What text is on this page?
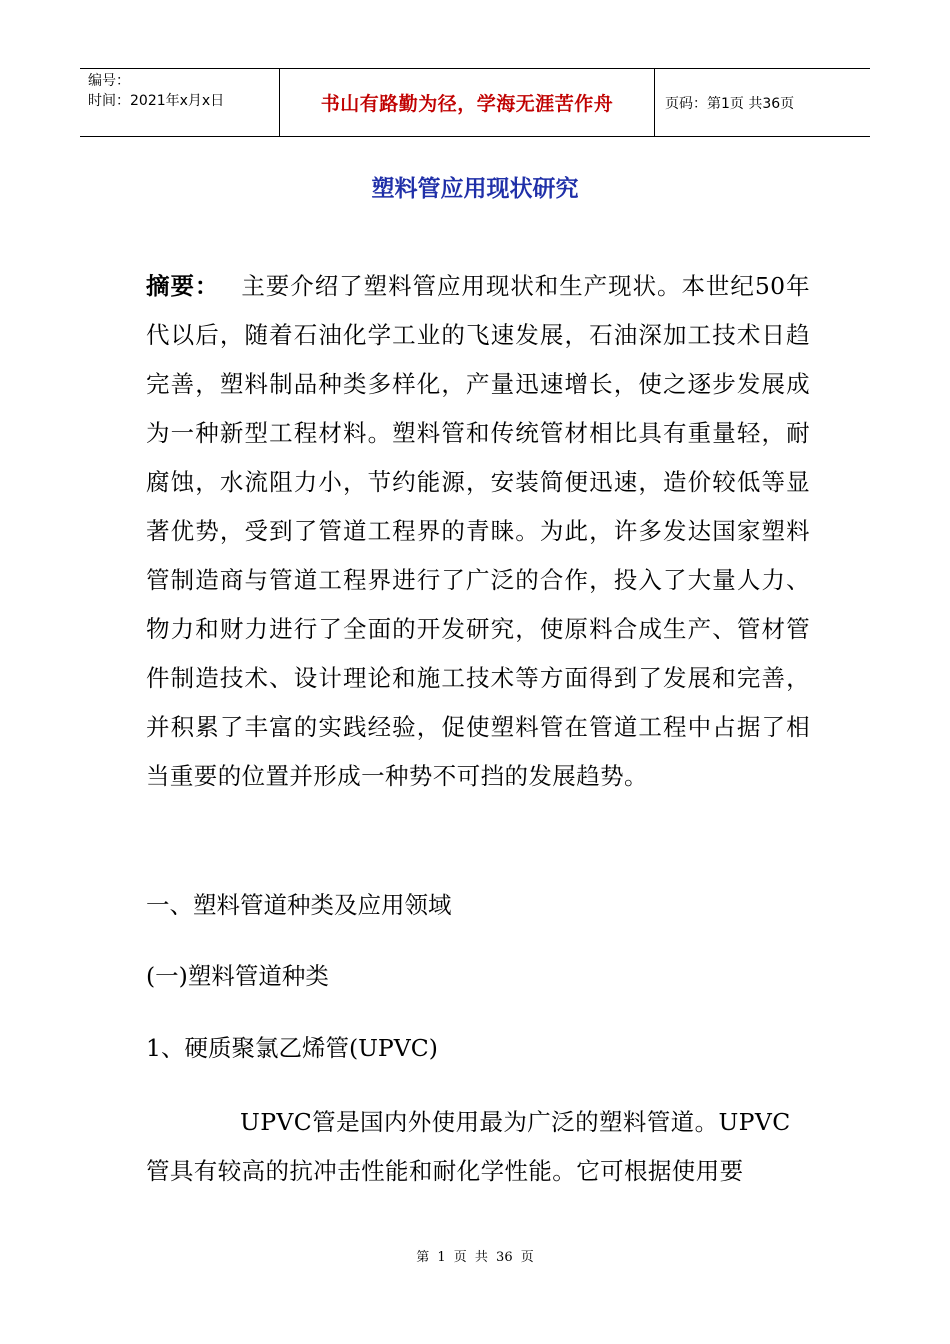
编号：
时间：2021年x月x日	书山有路勤为径，学海无涯苦作舟	页码：第1页 共36页
塑料管应用现状研究
摘要： 主要介绍了塑料管应用现状和生产现状。本世纪50年代以后，随着石油化学工业的飞速发展，石油深加工技术日趋完善，塑料制品种类多样化，产量迅速增长，使之逐步发展成为一种新型工程材料。塑料管和传统管材相比具有重量轻，耐腐蚀，水流阻力小，节约能源，安装简便迅速，造价较低等显著优势，受到了管道工程界的青睐。为此，许多发达国家塑料管制造商与管道工程界进行了广泛的合作，投入了大量人力、物力和财力进行了全面的开发研究，使原料合成生产、管材管件制造技术、设计理论和施工技术等方面得到了发展和完善，并积累了丰富的实践经验，促使塑料管在管道工程中占据了相当重要的位置并形成一种势不可挡的发展趋势。
一、塑料管道种类及应用领域
(一)塑料管道种类
1、硬质聚氯乙烯管(UPVC)
UPVC管是国内外使用最为广泛的塑料管道。UPVC管具有较高的抗冲击性能和耐化学性能。它可根据使用要
第 1 页 共 36 页
